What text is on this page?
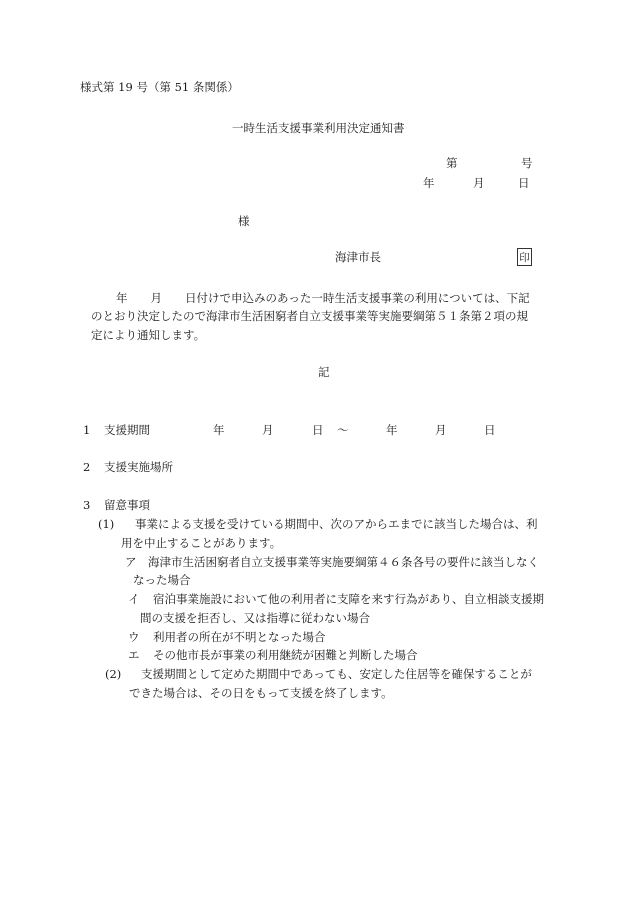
様式第 19 号（第 51 条関係）
一時生活支援事業利用決定通知書
第	号
年	月	日
様
海津市長	印
年　　月　　日付けで申込みのあった一時生活支援事業の利用については、下記
のとおり決定したので海津市生活困窮者自立支援事業等実施要綱第５１条第２項の規
定により通知します。
記
1 支援期間	年	月	日 ～	年	月	日
2 支援実施場所
3 留意事項
(1) 事業による支援を受けている期間中、次のアからエまでに該当した場合は、利
用を中止することがあります。
ア 海津市生活困窮者自立支援事業等実施要綱第４６条各号の要件に該当しなく
なった場合
イ 宿泊事業施設において他の利用者に支障を来す行為があり、自立相談支援期
間の支援を拒否し、又は指導に従わない場合
ウ 利用者の所在が不明となった場合
エ その他市長が事業の利用継続が困難と判断した場合
(2) 支援期間として定めた期間中であっても、安定した住居等を確保することが
できた場合は、その日をもって支援を終了します。
